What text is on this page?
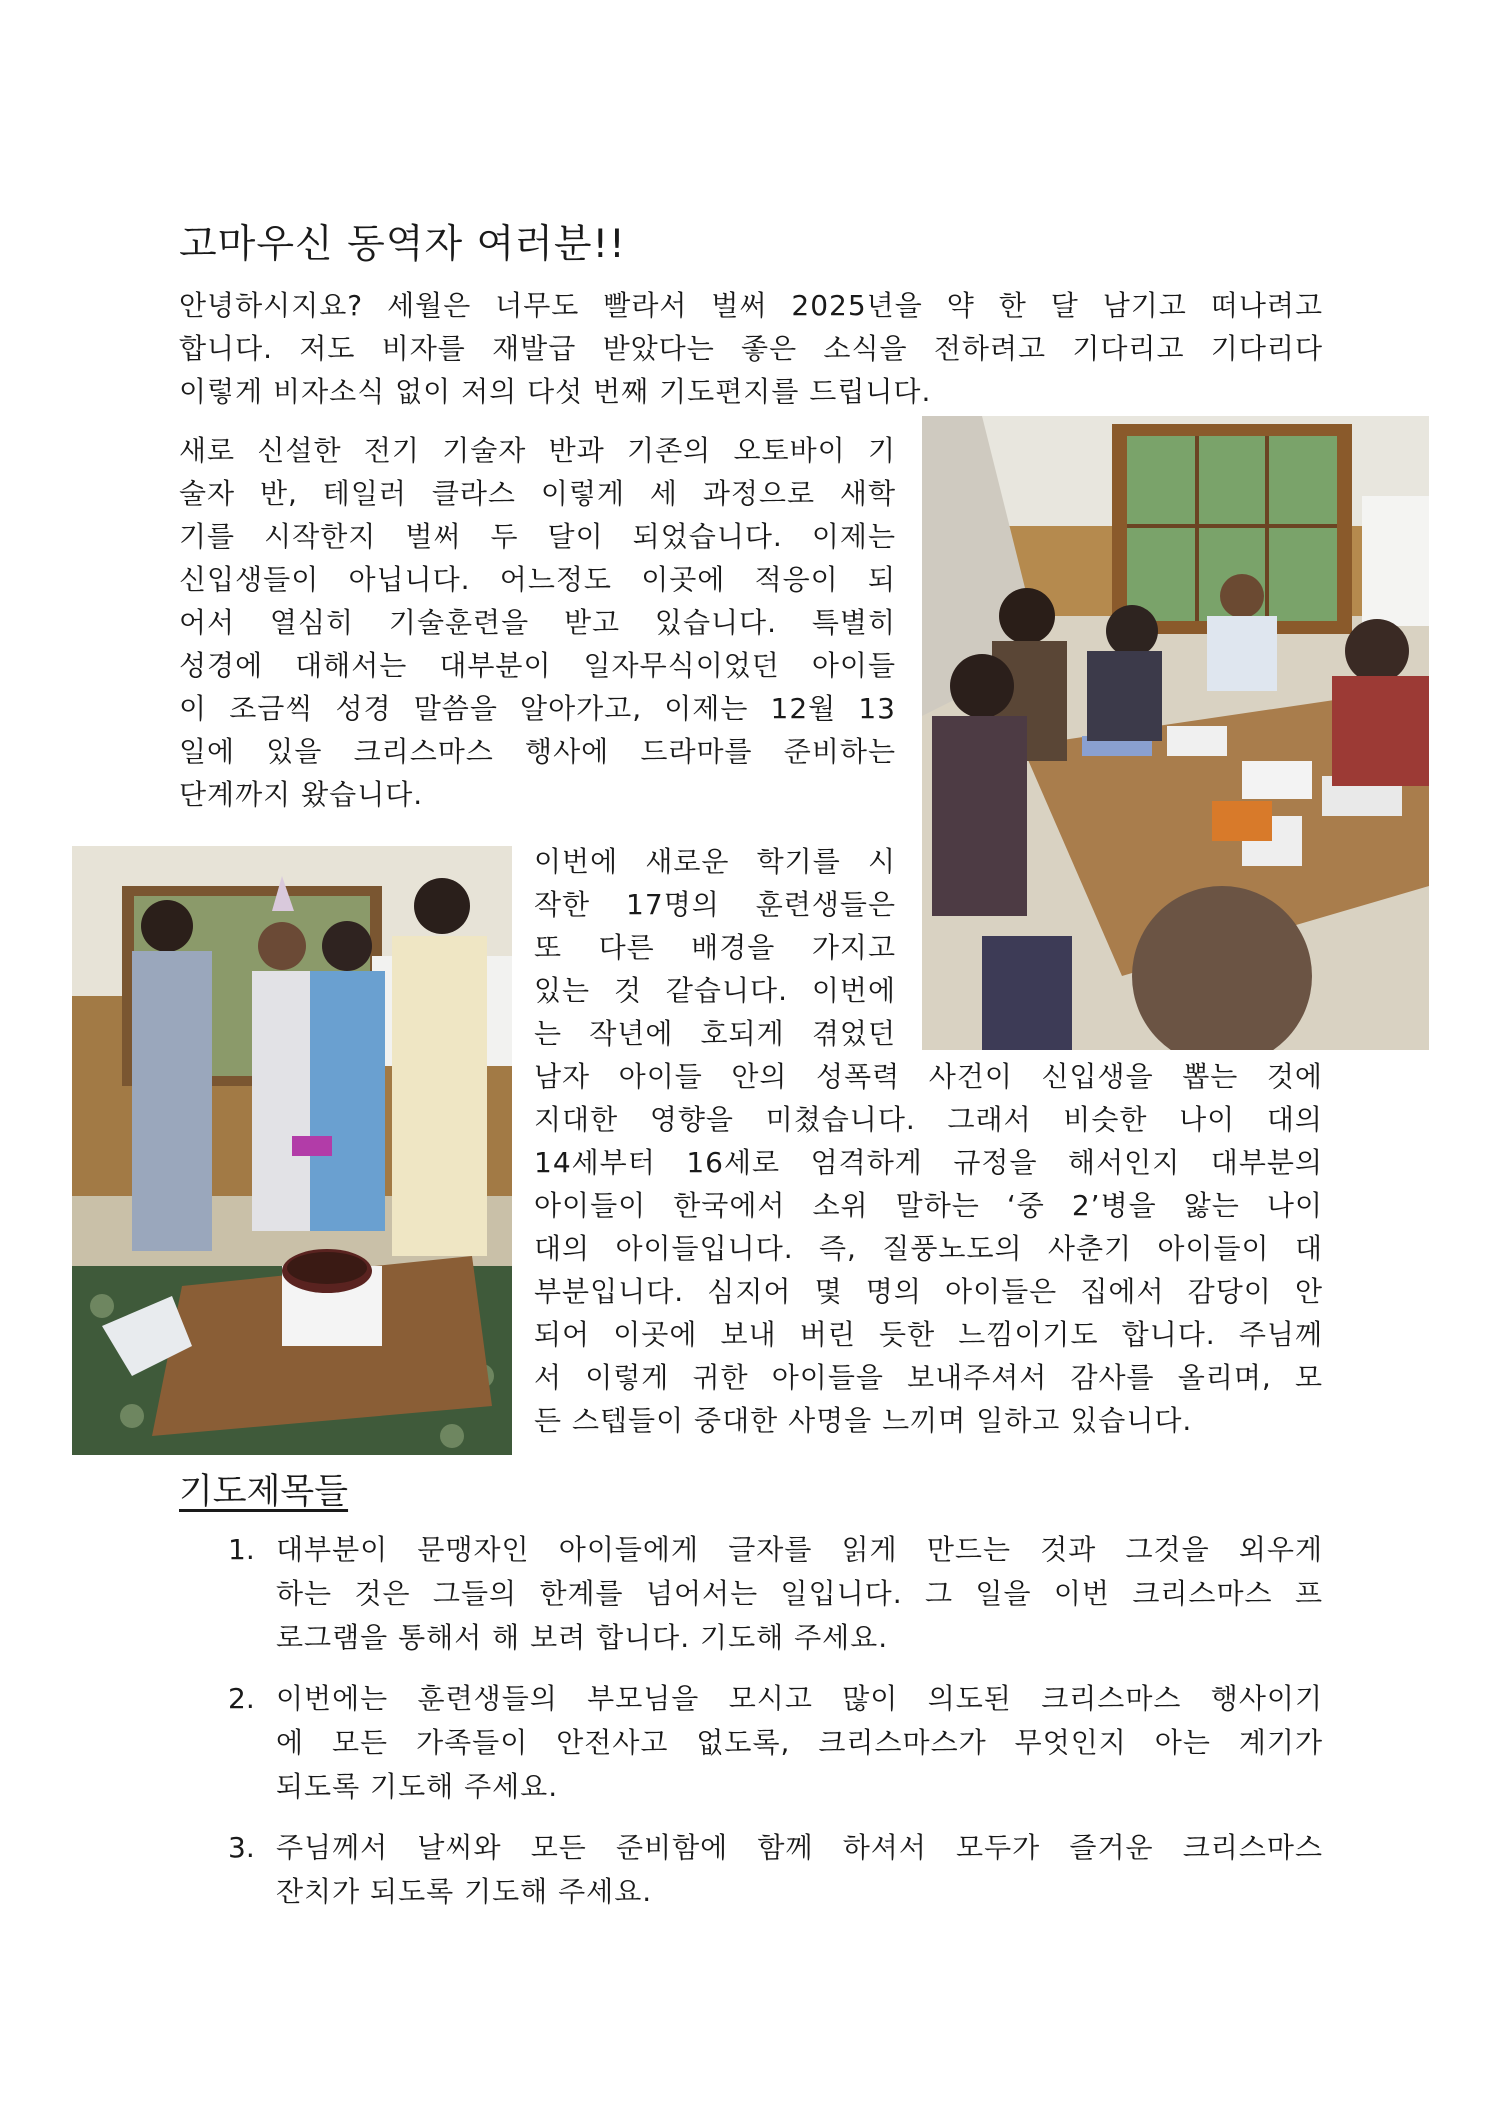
고마우신 동역자 여러분!!
안녕하시지요? 세월은 너무도 빨라서 벌써 2025년을 약 한 달 남기고 떠나려고
합니다. 저도 비자를 재발급 받았다는 좋은 소식을 전하려고 기다리고 기다리다
이렇게 비자소식 없이 저의 다섯 번째 기도편지를 드립니다.
새로 신설한 전기 기술자 반과 기존의 오토바이 기
술자 반, 테일러 클라스 이렇게 세 과정으로 새학
기를 시작한지 벌써 두 달이 되었습니다. 이제는
신입생들이 아닙니다. 어느정도 이곳에 적응이 되
어서 열심히 기술훈련을 받고 있습니다. 특별히
성경에 대해서는 대부분이 일자무식이었던 아이들
이 조금씩 성경 말씀을 알아가고, 이제는 12월 13
일에 있을 크리스마스 행사에 드라마를 준비하는
단계까지 왔습니다.
이번에 새로운 학기를 시
작한 17명의 훈련생들은
또 다른 배경을 가지고
있는 것 같습니다. 이번에
는 작년에 호되게 겪었던
남자 아이들 안의 성폭력 사건이 신입생을 뽑는 것에
지대한 영향을 미쳤습니다. 그래서 비슷한 나이 대의
14세부터 16세로 엄격하게 규정을 해서인지 대부분의
아이들이 한국에서 소위 말하는 ‘중 2’병을 앓는 나이
대의 아이들입니다. 즉, 질풍노도의 사춘기 아이들이 대
부분입니다. 심지어 몇 명의 아이들은 집에서 감당이 안
되어 이곳에 보내 버린 듯한 느낌이기도 합니다. 주님께
서 이렇게 귀한 아이들을 보내주셔서 감사를 올리며, 모
든 스텝들이 중대한 사명을 느끼며 일하고 있습니다.
기도제목들
1. 대부분이 문맹자인 아이들에게 글자를 읽게 만드는 것과 그것을 외우게
하는 것은 그들의 한계를 넘어서는 일입니다. 그 일을 이번 크리스마스 프
로그램을 통해서 해 보려 합니다. 기도해 주세요.
2. 이번에는 훈련생들의 부모님을 모시고 많이 의도된 크리스마스 행사이기
에 모든 가족들이 안전사고 없도록, 크리스마스가 무엇인지 아는 계기가
되도록 기도해 주세요.
3. 주님께서 날씨와 모든 준비함에 함께 하셔서 모두가 즐거운 크리스마스
잔치가 되도록 기도해 주세요.
